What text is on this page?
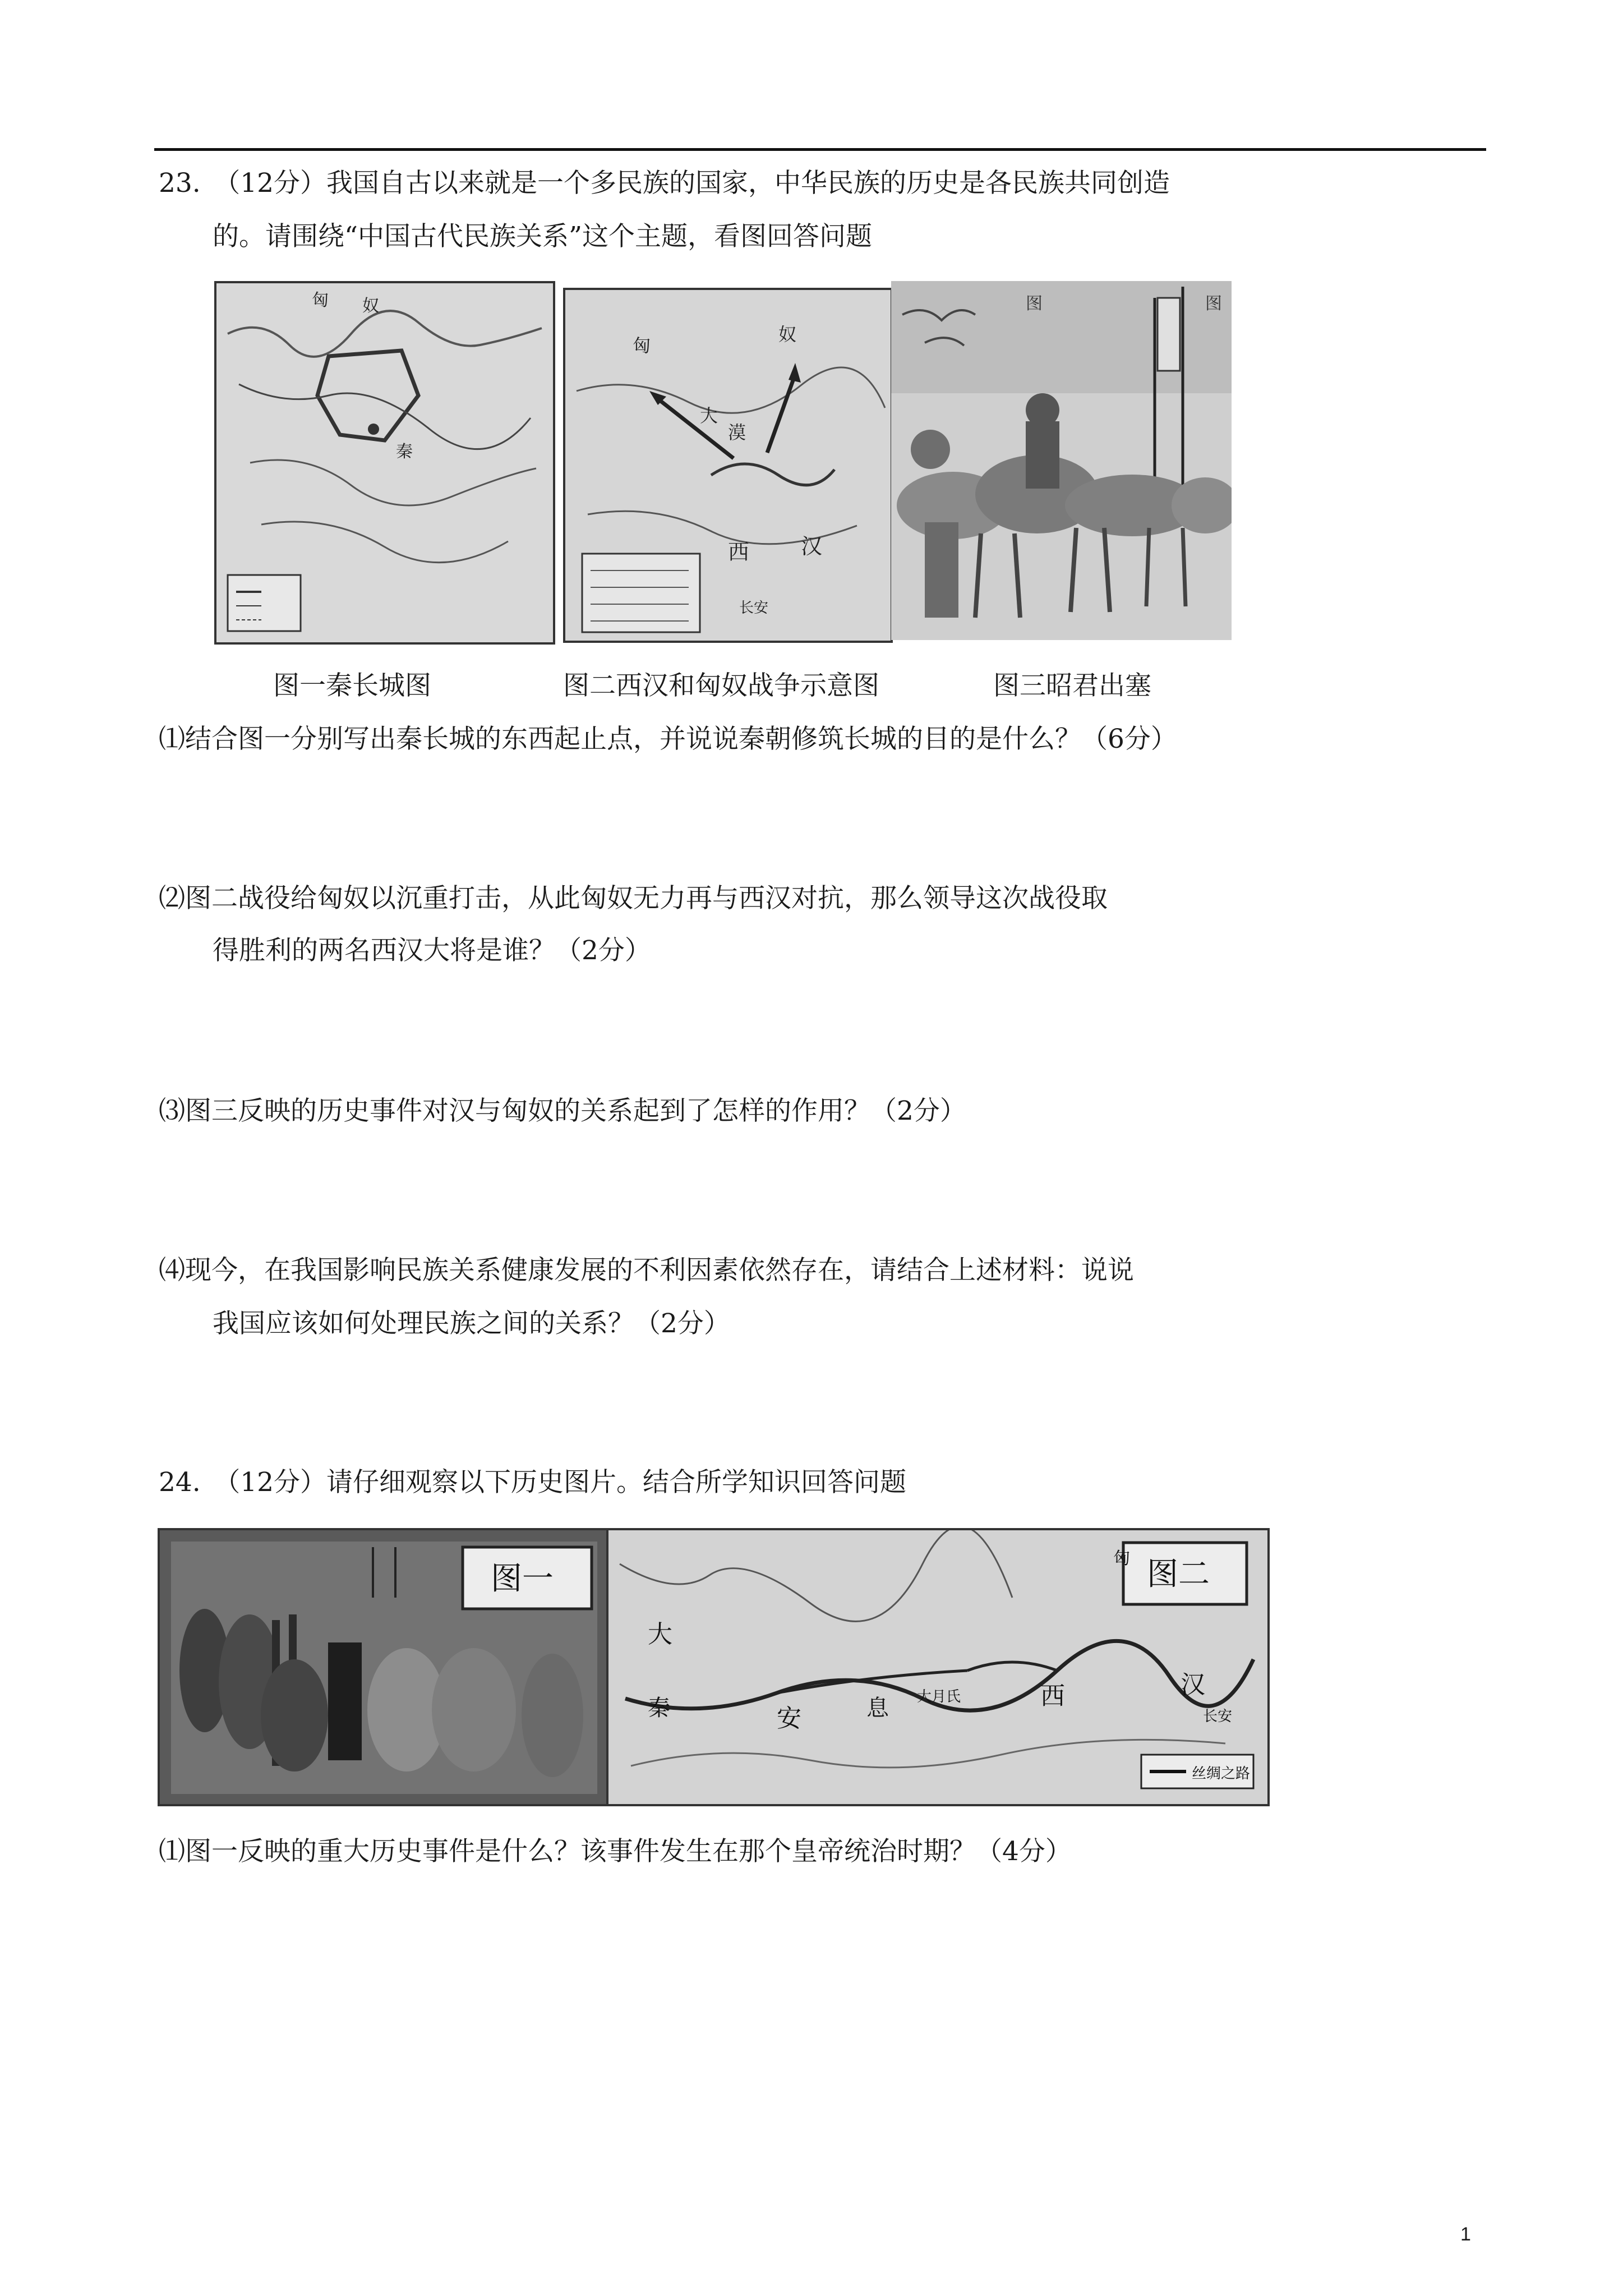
23.　（12分）我国自古以来就是一个多民族的国家，中华民族的历史是各民族共同创造
的。请围绕“中国古代民族关系”这个主题，看图回答问题
匈 奴
秦
匈
奴
大
漠
西 汉
长安
图	图
图一秦长城图	图二西汉和匈奴战争示意图	图三昭君出塞
⑴结合图一分别写出秦长城的东西起止点，并说说秦朝修筑长城的目的是什么？（6分）
⑵图二战役给匈奴以沉重打击，从此匈奴无力再与西汉对抗，那么领导这次战役取
得胜利的两名西汉大将是谁？（2分）
⑶图三反映的历史事件对汉与匈奴的关系起到了怎样的作用？（2分）
⑷现今，在我国影响民族关系健康发展的不利因素依然存在，请结合上述材料：说说
我国应该如何处理民族之间的关系？（2分）
24.　（12分）请仔细观察以下历史图片。结合所学知识回答问题
图一	图二
丝绸之路
大
秦	安	息	西	汉
长安
大月氏
匈
⑴图一反映的重大历史事件是什么？该事件发生在那个皇帝统治时期？（4分）
1
